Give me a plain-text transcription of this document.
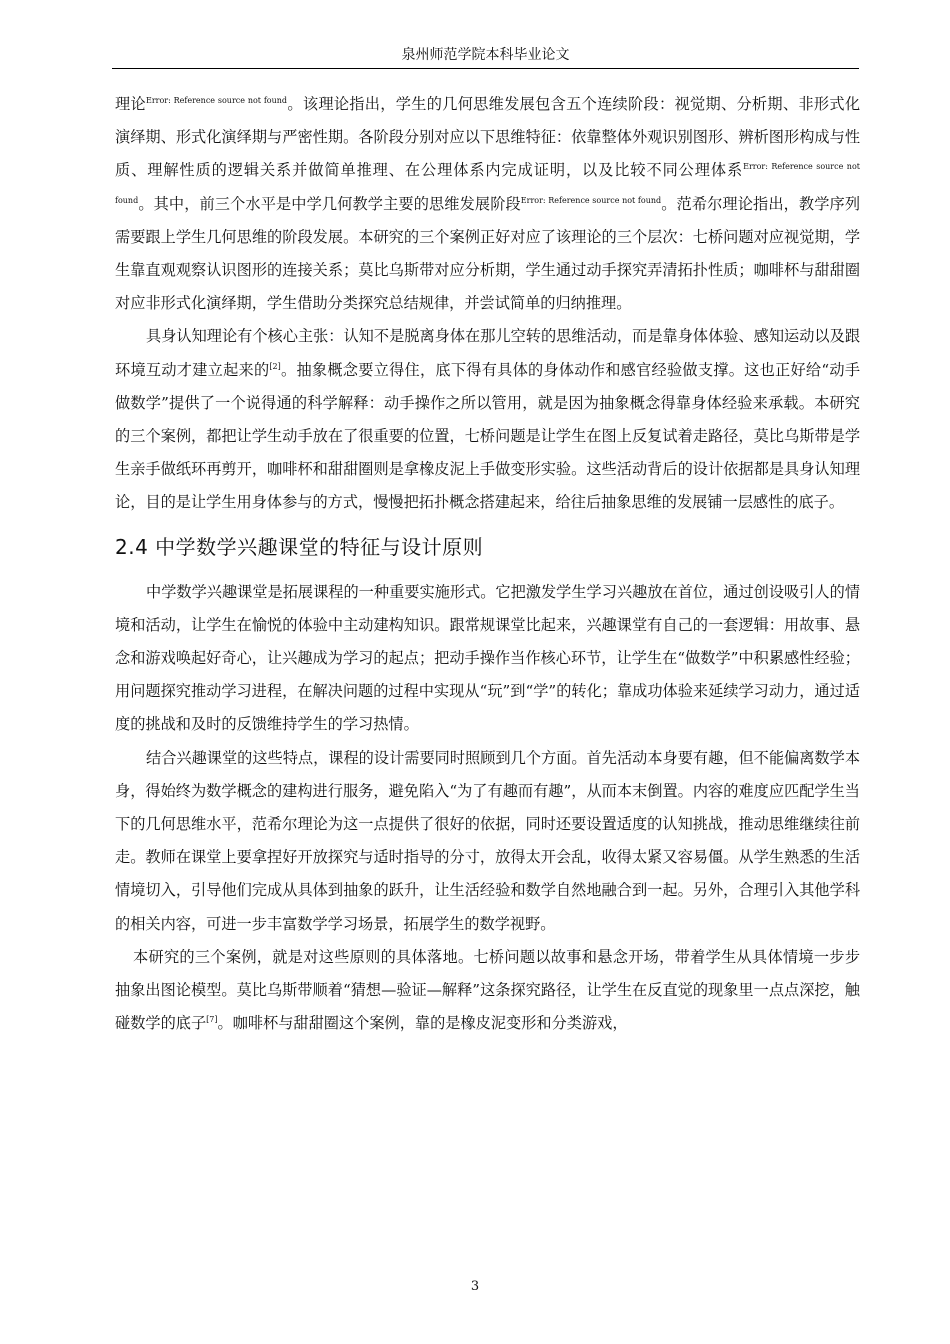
泉州师范学院本科毕业论文

理论$^{Error: Reference source not found}$。该理论指出，学生的几何思维发展包含五个连续阶段：视觉期、分析期、非形式化演绎期、形式化演绎期与严密性期。各阶段分别对应以下思维特征：依靠整体外观识别图形、辨析图形构成与性质、理解性质的逻辑关系并做简单推理、在公理体系内完成证明，以及比较不同公理体系$^{Error: Reference source not found}$。其中，前三个水平是中学几何教学主要的思维发展阶段$^{Error: Reference source not found}$。范希尔理论指出，教学序列需要跟上学生几何思维的阶段发展。本研究的三个案例正好对应了该理论的三个层次：七桥问题对应视觉期，学生靠直观观察认识图形的连接关系；莫比乌斯带对应分析期，学生通过动手探究弄清拓扑性质；咖啡杯与甜甜圈对应非形式化演绎期，学生借助分类探究总结规律，并尝试简单的归纳推理。

具身认知理论有个核心主张：认知不是脱离身体在那儿空转的思维活动，而是靠身体体验、感知运动以及跟环境互动才建立起来的[2]。抽象概念要立得住，底下得有具体的身体动作和感官经验做支撑。这也正好给“动手做数学”提供了一个说得通的科学解释：动手操作之所以管用，就是因为抽象概念得靠身体经验来承载。本研究的三个案例，都把让学生动手放在了很重要的位置，七桥问题是让学生在图上反复试着走路径，莫比乌斯带是学生亲手做纸环再剪开，咖啡杯和甜甜圈则是拿橡皮泥上手做变形实验。这些活动背后的设计依据都是具身认知理论，目的是让学生用身体参与的方式，慢慢把拓扑概念搭建起来，给往后抽象思维的发展铺一层感性的底子。

2.4 中学数学兴趣课堂的特征与设计原则

中学数学兴趣课堂是拓展课程的一种重要实施形式。它把激发学生学习兴趣放在首位，通过创设吸引人的情境和活动，让学生在愉悦的体验中主动建构知识。跟常规课堂比起来，兴趣课堂有自己的一套逻辑：用故事、悬念和游戏唤起好奇心，让兴趣成为学习的起点；把动手操作当作核心环节，让学生在“做数学”中积累感性经验；用问题探究推动学习进程，在解决问题的过程中实现从“玩”到“学”的转化；靠成功体验来延续学习动力，通过适度的挑战和及时的反馈维持学生的学习热情。

结合兴趣课堂的这些特点，课程的设计需要同时照顾到几个方面。首先活动本身要有趣，但不能偏离数学本身，得始终为数学概念的建构进行服务，避免陷入“为了有趣而有趣”，从而本末倒置。内容的难度应匹配学生当下的几何思维水平，范希尔理论为这一点提供了很好的依据，同时还要设置适度的认知挑战，推动思维继续往前走。教师在课堂上要拿捏好开放探究与适时指导的分寸，放得太开会乱，收得太紧又容易僵。从学生熟悉的生活情境切入，引导他们完成从具体到抽象的跃升，让生活经验和数学自然地融合到一起。另外，合理引入其他学科的相关内容，可进一步丰富数学学习场景，拓展学生的数学视野。

本研究的三个案例，就是对这些原则的具体落地。七桥问题以故事和悬念开场，带着学生从具体情境一步步抽象出图论模型。莫比乌斯带顺着“猜想—验证—解释”这条探究路径，让学生在反直觉的现象里一点点深挖，触碰数学的底子[7]。咖啡杯与甜甜圈这个案例，靠的是橡皮泥变形和分类游戏，

3
